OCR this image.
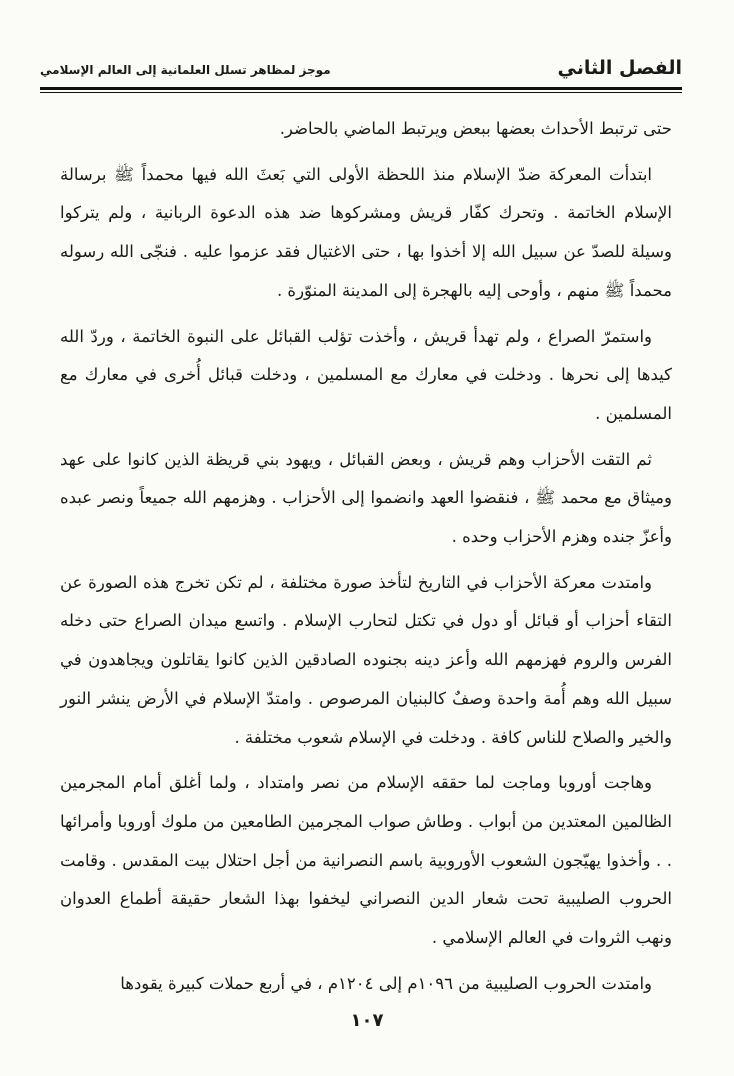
الفصل الثاني
موجز لمظاهر تسلل العلمانية إلى العالم الإسلامي

حتى ترتبط الأحداث بعضها ببعض ويرتبط الماضي بالحاضر.

ابتدأت المعركة ضدّ الإسلام منذ اللحظة الأولى التي بَعثَ الله فيها محمداً ﷺ برسالة الإسلام الخاتمة . وتحرك كفّار قريش ومشركوها ضد هذه الدعوة الربانية ، ولم يتركوا وسيلة للصدّ عن سبيل الله إلا أخذوا بها ، حتى الاغتيال فقد عزموا عليه . فنجّى الله رسوله محمداً ﷺ منهم ، وأوحى إليه بالهجرة إلى المدينة المنوّرة .

واستمرّ الصراع ، ولم تهدأ قريش ، وأخذت تؤلب القبائل على النبوة الخاتمة ، وردّ الله كيدها إلى نحرها . ودخلت في معارك مع المسلمين ، ودخلت قبائل أُخرى في معارك مع المسلمين .

ثم التقت الأحزاب وهم قريش ، وبعض القبائل ، ويهود بني قريظة الذين كانوا على عهد وميثاق مع محمد ﷺ ، فنقضوا العهد وانضموا إلى الأحزاب . وهزمهم الله جميعاً ونصر عبده وأعزّ جنده وهزم الأحزاب وحده .

وامتدت معركة الأحزاب في التاريخ لتأخذ صورة مختلفة ، لم تكن تخرج هذه الصورة عن التقاء أحزاب أو قبائل أو دول في تكتل لتحارب الإسلام . واتسع ميدان الصراع حتى دخله الفرس والروم فهزمهم الله وأعز دينه بجنوده الصادقين الذين كانوا يقاتلون ويجاهدون في سبيل الله وهم أُمة واحدة وصفٌ كالبنيان المرصوص . وامتدّ الإسلام في الأرض ينشر النور والخير والصلاح للناس كافة . ودخلت في الإسلام شعوب مختلفة .

وهاجت أوروبا وماجت لما حققه الإسلام من نصر وامتداد ، ولما أغلق أمام المجرمين الظالمين المعتدين من أبواب . وطاش صواب المجرمين الطامعين من ملوك أوروبا وأمرائها . . وأخذوا يهيّجون الشعوب الأوروبية باسم النصرانية من أجل احتلال بيت المقدس . وقامت الحروب الصليبية تحت شعار الدين النصراني ليخفوا بهذا الشعار حقيقة أطماع العدوان ونهب الثروات في العالم الإسلامي .

وامتدت الحروب الصليبية من ١٠٩٦م إلى ١٢٠٤م ، في أربع حملات كبيرة يقودها

١٠٧
